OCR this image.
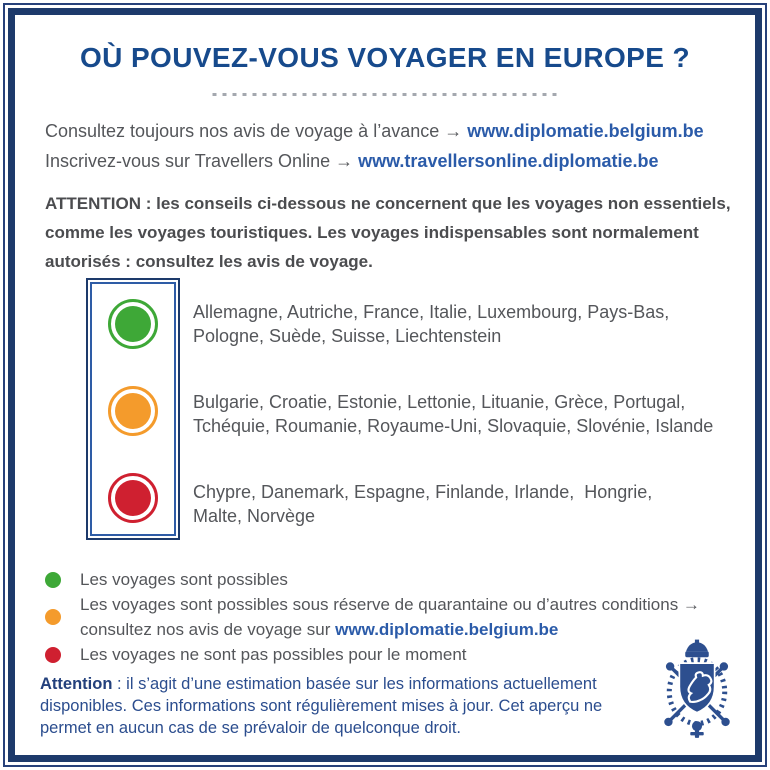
OÙ POUVEZ-VOUS VOYAGER EN EUROPE ?
Consultez toujours nos avis de voyage à l’avance → www.diplomatie.belgium.be
Inscrivez-vous sur Travellers Online → www.travellersonline.diplomatie.be
ATTENTION : les conseils ci-dessous ne concernent que les voyages non essentiels,
comme les voyages touristiques. Les voyages indispensables sont normalement
autorisés : consultez les avis de voyage.

Allemagne, Autriche, France, Italie, Luxembourg, Pays-Bas,
Pologne, Suède, Suisse, Liechtenstein

Bulgarie, Croatie, Estonie, Lettonie, Lituanie, Grèce, Portugal,
Tchéquie, Roumanie, Royaume-Uni, Slovaquie, Slovénie, Islande

Chypre, Danemark, Espagne, Finlande, Irlande,  Hongrie,
Malte, Norvège

Les voyages sont possibles
Les voyages sont possibles sous réserve de quarantaine ou d’autres conditions →
consultez nos avis de voyage sur www.diplomatie.belgium.be
Les voyages ne sont pas possibles pour le moment
Attention : il s’agit d’une estimation basée sur les informations actuellement
disponibles. Ces informations sont régulièrement mises à jour. Cet aperçu ne
permet en aucun cas de se prévaloir de quelconque droit.
